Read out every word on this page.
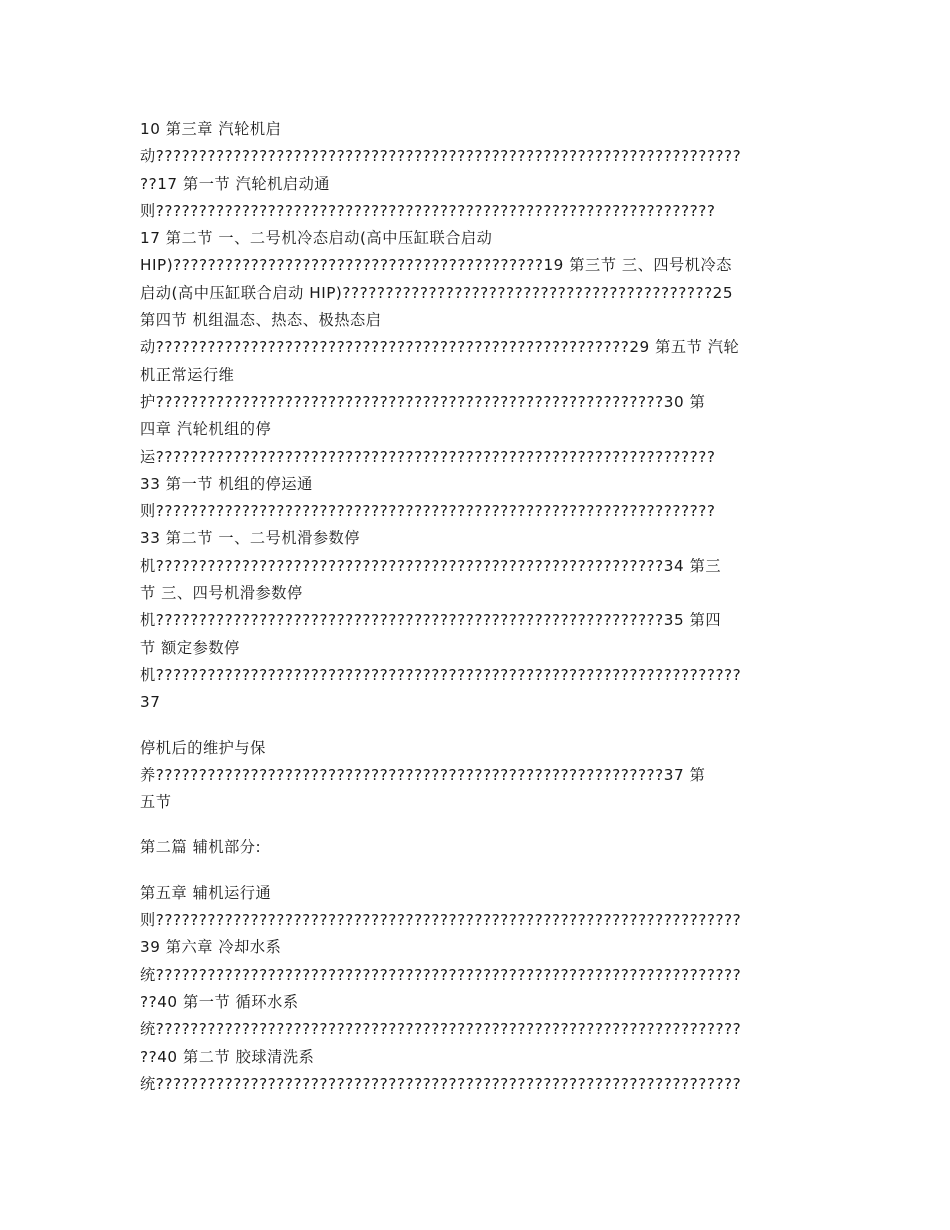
10 第三章 汽轮机启
动????????????????????????????????????????????????????????????????????
??17 第一节 汽轮机启动通
则?????????????????????????????????????????????????????????????????
17 第二节 一、二号机冷态启动(高中压缸联合启动
HIP)???????????????????????????????????????????19 第三节 三、四号机冷态
启动(高中压缸联合启动 HIP)???????????????????????????????????????????25
第四节 机组温态、热态、极热态启
动???????????????????????????????????????????????????????29 第五节 汽轮
机正常运行维
护???????????????????????????????????????????????????????????30 第
四章 汽轮机组的停
运?????????????????????????????????????????????????????????????????
33 第一节 机组的停运通
则?????????????????????????????????????????????????????????????????
33 第二节 一、二号机滑参数停
机???????????????????????????????????????????????????????????34 第三
节 三、四号机滑参数停
机???????????????????????????????????????????????????????????35 第四
节 额定参数停
机????????????????????????????????????????????????????????????????????
37

停机后的维护与保
养???????????????????????????????????????????????????????????37 第
五节

第二篇 辅机部分:

第五章 辅机运行通
则????????????????????????????????????????????????????????????????????
39 第六章 冷却水系
统????????????????????????????????????????????????????????????????????
??40 第一节 循环水系
统????????????????????????????????????????????????????????????????????
??40 第二节 胶球清洗系
统????????????????????????????????????????????????????????????????????
